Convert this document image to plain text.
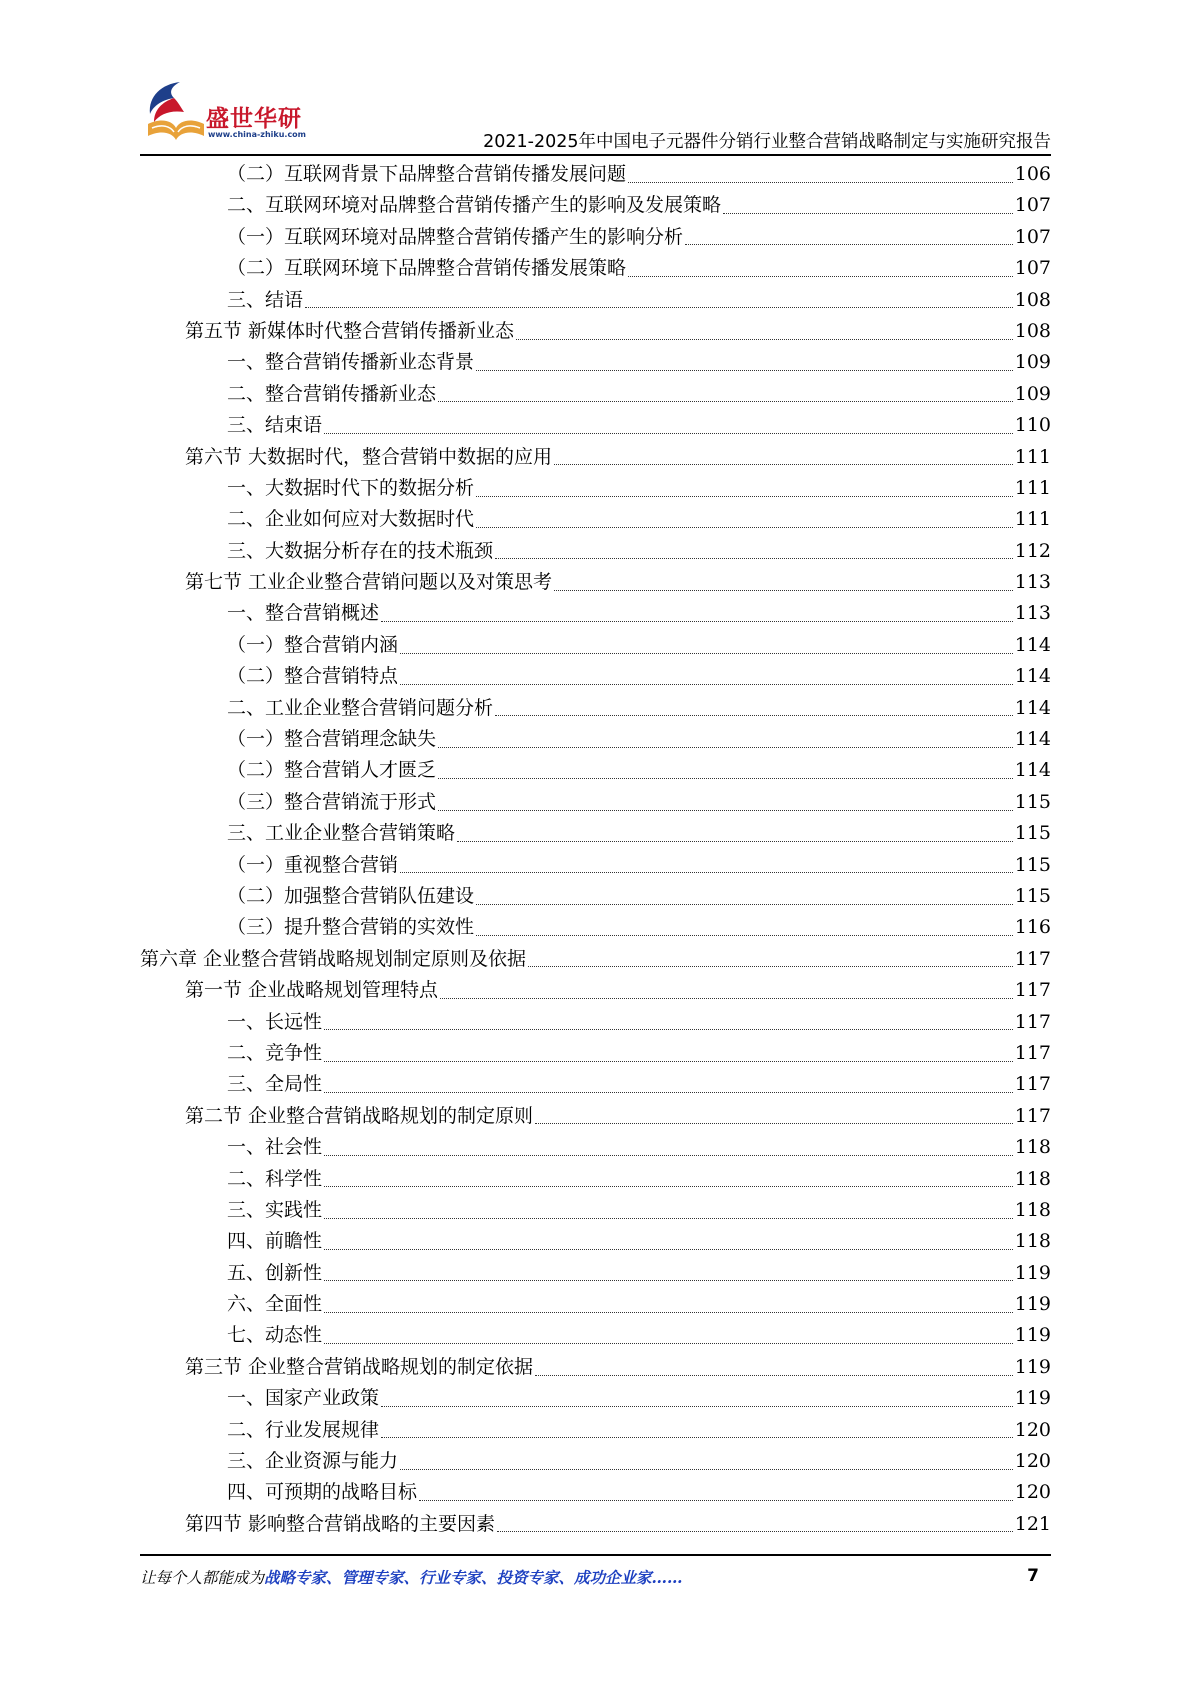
盛世华研
www.china-zhiku.com	2021-2025年中国电子元器件分销行业整合营销战略制定与实施研究报告
（二）互联网背景下品牌整合营销传播发展问题	106
二、互联网环境对品牌整合营销传播产生的影响及发展策略	107
（一）互联网环境对品牌整合营销传播产生的影响分析	107
（二）互联网环境下品牌整合营销传播发展策略	107
三、结语	108
第五节 新媒体时代整合营销传播新业态	108
一、整合营销传播新业态背景	109
二、整合营销传播新业态	109
三、结束语	110
第六节 大数据时代，整合营销中数据的应用	111
一、大数据时代下的数据分析	111
二、企业如何应对大数据时代	111
三、大数据分析存在的技术瓶颈	112
第七节 工业企业整合营销问题以及对策思考	113
一、整合营销概述	113
（一）整合营销内涵	114
（二）整合营销特点	114
二、工业企业整合营销问题分析	114
（一）整合营销理念缺失	114
（二）整合营销人才匮乏	114
（三）整合营销流于形式	115
三、工业企业整合营销策略	115
（一）重视整合营销	115
（二）加强整合营销队伍建设	115
（三）提升整合营销的实效性	116
第六章 企业整合营销战略规划制定原则及依据	117
第一节 企业战略规划管理特点	117
一、长远性	117
二、竞争性	117
三、全局性	117
第二节 企业整合营销战略规划的制定原则	117
一、社会性	118
二、科学性	118
三、实践性	118
四、前瞻性	118
五、创新性	119
六、全面性	119
七、动态性	119
第三节 企业整合营销战略规划的制定依据	119
一、国家产业政策	119
二、行业发展规律	120
三、企业资源与能力	120
四、可预期的战略目标	120
第四节 影响整合营销战略的主要因素	121
让每个人都能成为战略专家、管理专家、行业专家、投资专家、成功企业家……	7
